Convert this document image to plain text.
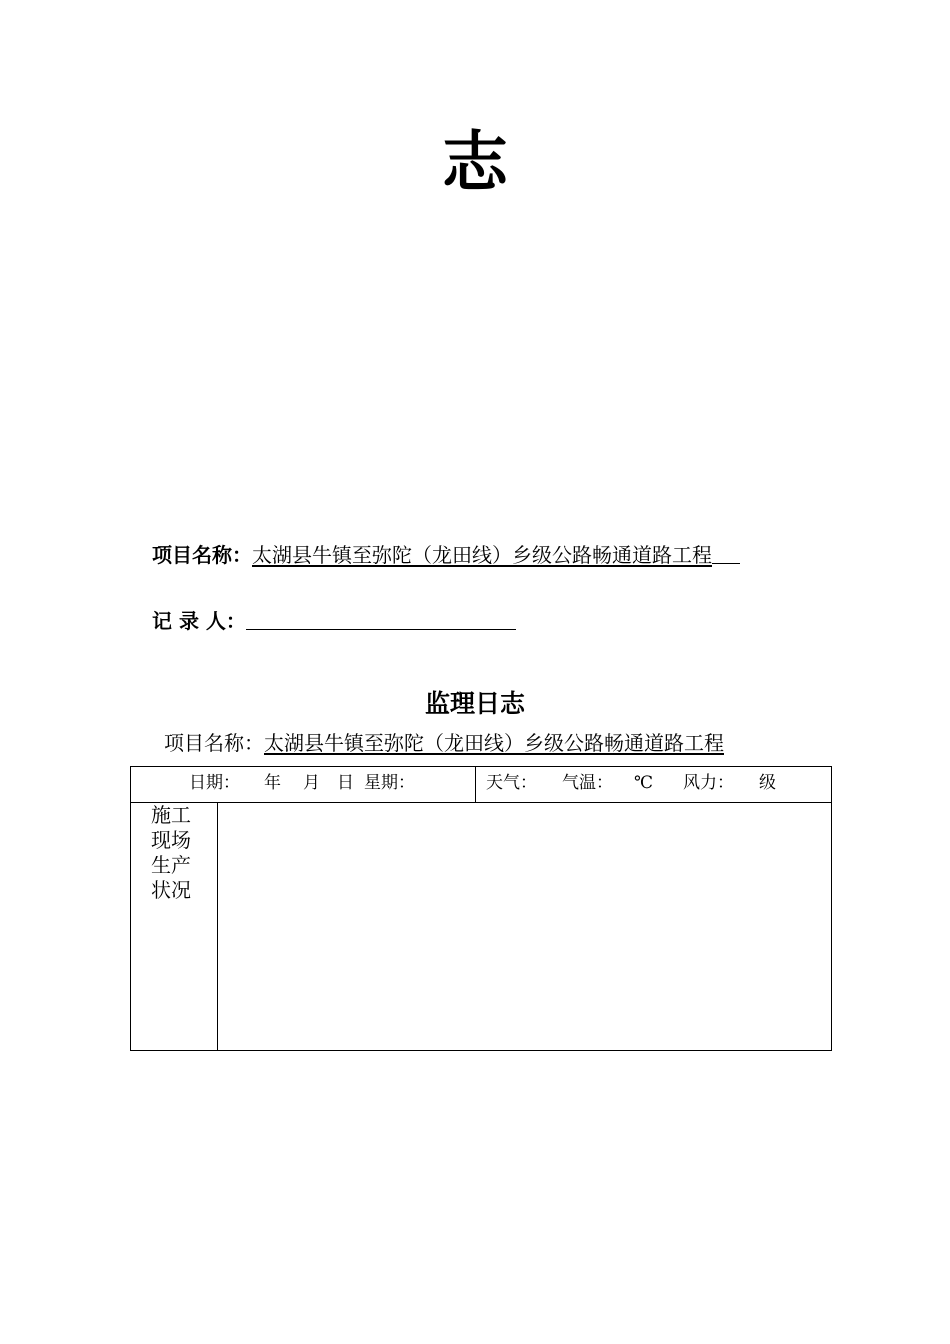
志
项目名称：太湖县牛镇至弥陀（龙田线）乡级公路畅通道路工程
记 录 人：
监理日志
项目名称：太湖县牛镇至弥陀（龙田线）乡级公路畅通道路工程
日期： 年 月 日 星期：	天气： 气温： ℃ 风力： 级
施工现场生产状况
